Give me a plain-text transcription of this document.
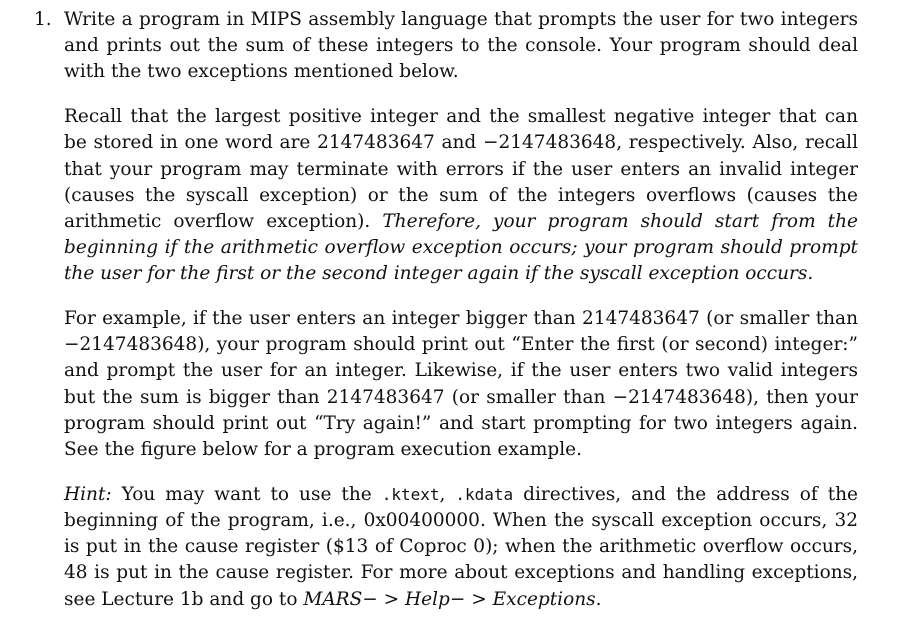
1. Write a program in MIPS assembly language that prompts the user for two integers and prints out the sum of these integers to the console. Your program should deal with the two exceptions mentioned below.

Recall that the largest positive integer and the smallest negative integer that can be stored in one word are 2147483647 and −2147483648, respectively. Also, recall that your program may terminate with errors if the user enters an invalid integer (causes the syscall exception) or the sum of the integers overflows (causes the arithmetic overflow exception). Therefore, your program should start from the beginning if the arithmetic overflow exception occurs; your program should prompt the user for the first or the second integer again if the syscall exception occurs.

For example, if the user enters an integer bigger than 2147483647 (or smaller than −2147483648), your program should print out “Enter the first (or second) integer:” and prompt the user for an integer. Likewise, if the user enters two valid integers but the sum is bigger than 2147483647 (or smaller than −2147483648), then your program should print out “Try again!” and start prompting for two integers again. See the figure below for a program execution example.

Hint: You may want to use the .ktext, .kdata directives, and the address of the beginning of the program, i.e., 0x00400000. When the syscall exception occurs, 32 is put in the cause register ($13 of Coproc 0); when the arithmetic overflow occurs, 48 is put in the cause register. For more about exceptions and handling exceptions, see Lecture 1b and go to MARS− > Help− > Exceptions.
